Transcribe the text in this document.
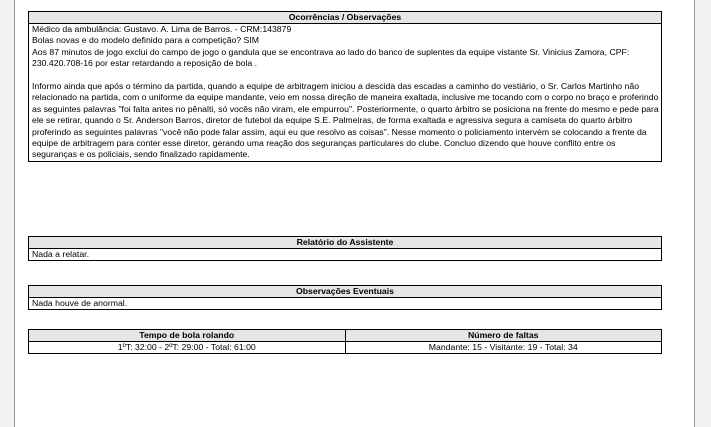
Ocorrências / Observações

Médico da ambulância: Gustavo. A. Lima de Barros. - CRM:143879

Bolas novas e do modelo definido para a competição? SIM

Aos 87 minutos de jogo exclui do campo de jogo o gandula que se encontrava ao lado do banco de suplentes da equipe vistante Sr. Vinicius Zamora, CPF: 230.420.708-16 por estar retardando a reposição de bola .

Informo ainda que após o término da partida, quando a equipe de arbitragem iniciou a descida das escadas a caminho do vestiário, o Sr. Carlos Martinho não relacionado na partida, com o uniforme da equipe mandante, veio em nossa direção de maneira exaltada, inclusive me tocando com o corpo no braço e proferindo as seguintes palavras "foi falta antes no pênalti, só vocês não viram, ele empurrou". Posteriormente, o quarto árbitro se posiciona na frente do mesmo e pede para ele se retirar, quando o Sr. Anderson Barros, diretor de futebol da equipe S.E. Palmeiras, de forma exaltada e agressiva segura a camiseta do quarto árbitro proferindo as seguintes palavras "você não pode falar assim, aqui eu que resolvo as coisas". Nesse momento o policiamento intervém se colocando a frente da equipe de arbitragem para conter esse diretor, gerando uma reação dos seguranças particulares do clube. Concluo dizendo que houve conflito entre os seguranças e os policiais, sendo finalizado rapidamente.

Relatório do Assistente
Nada a relatar.
Observações Eventuais
Nada houve de anormal.
Tempo de bola rolando	Número de faltas
1ºT: 32:00 - 2ºT: 29:00 - Total: 61:00	Mandante: 15 - Visitante: 19 - Total: 34
